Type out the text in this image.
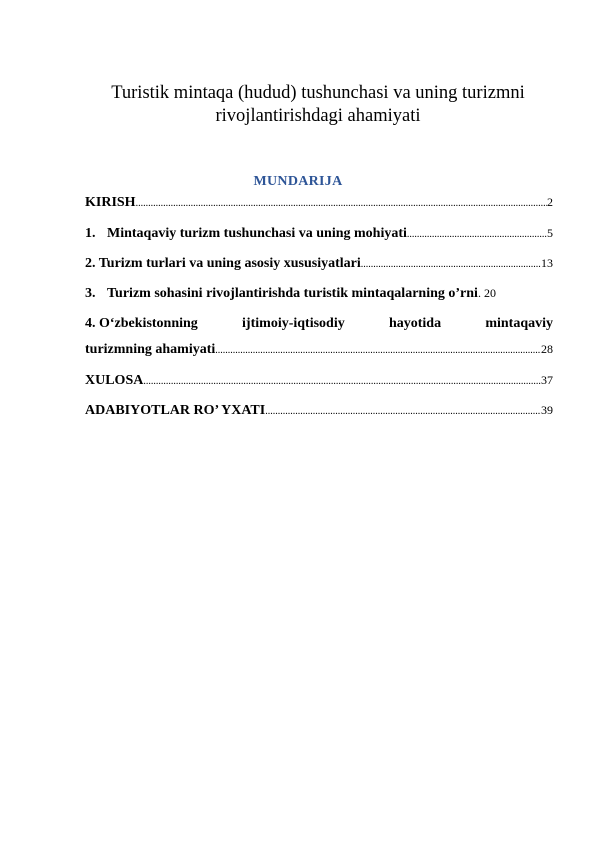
Turistik mintaqa (hudud) tushunchasi va uning turizmni
rivojlantirishdagi ahamiyati
MUNDARIJA
KIRISH .....	2
1. Mintaqaviy turizm tushunchasi va uning mohiyati .....	5
2. Turizm turlari va uning asosiy xususiyatlari .....	13
3. Turizm sohasini rivojlantirishda turistik mintaqalarning o’rni . 20
4. O‘zbekistonning	ijtimoiy-iqtisodiy	hayotida	mintaqaviy
turizmning ahamiyati .....	28
XULOSA .....	37
ADABIYOTLAR RO’ YXATI .....	39
